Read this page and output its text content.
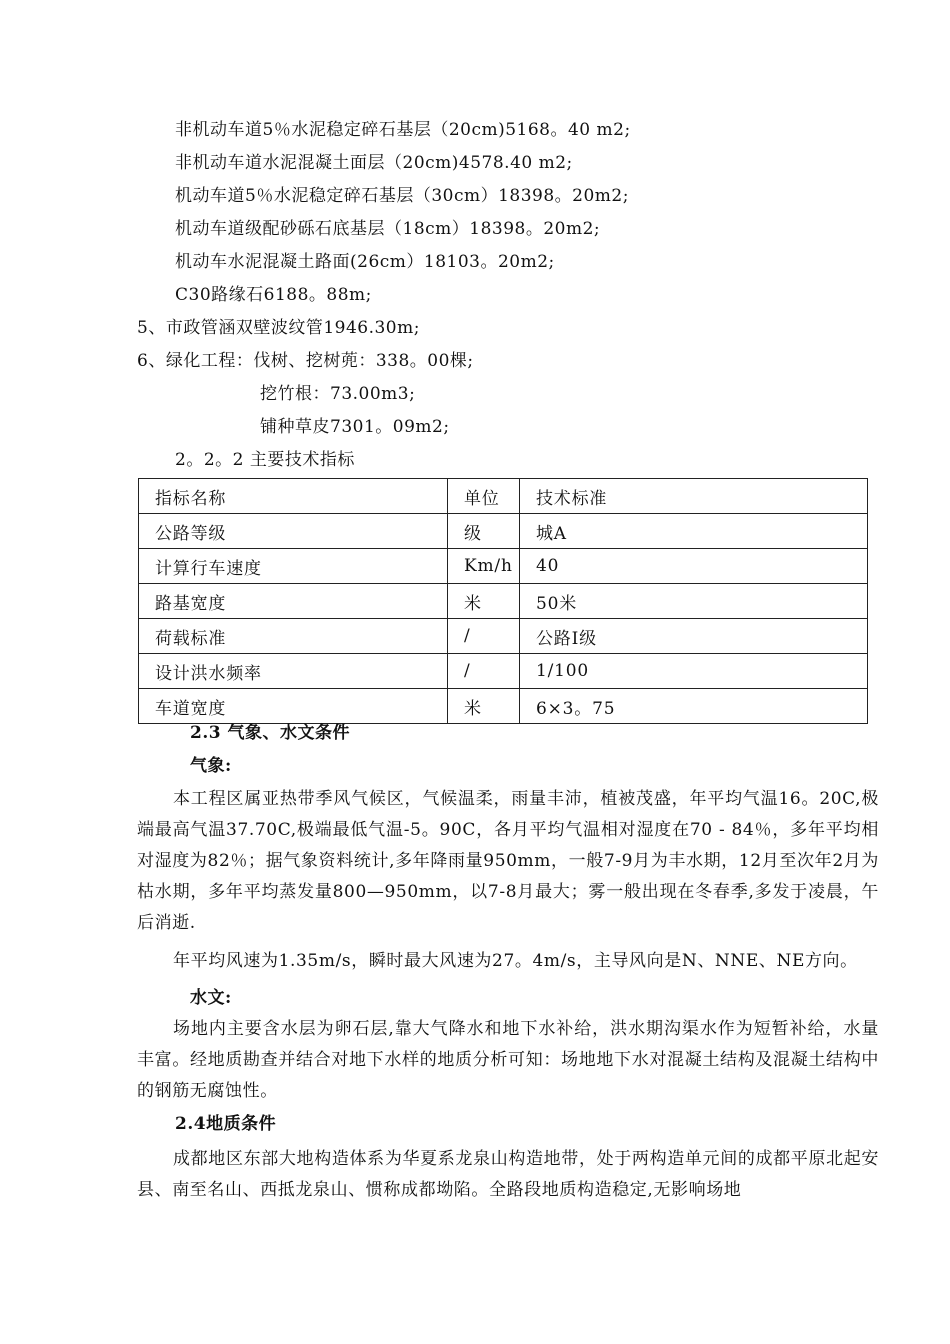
非机动车道5％水泥稳定碎石基层（20cm)5168。40 m2;
非机动车道水泥混凝土面层（20cm)4578.40 m2;
机动车道5％水泥稳定碎石基层（30cm）18398。20m2;
机动车道级配砂砾石底基层（18cm）18398。20m2;
机动车水泥混凝土路面(26cm）18103。20m2;
C30路缘石6188。88m;
5、市政管涵双壁波纹管1946.30m;
6、绿化工程：伐树、挖树蔸：338。00棵;
挖竹根：73.00m3;
铺种草皮7301。09m2;
2。2。2 主要技术指标
指标名称	单位	技术标准
公路等级	级	城A
计算行车速度	Km/h	40
路基宽度	米	50米
荷载标准	/	公路Ⅰ级
设计洪水频率	/	1/100
车道宽度	米	6×3。75
2.3 气象、水文条件
气象:
本工程区属亚热带季风气候区，气候温柔，雨量丰沛，植被茂盛，年平均气温16。20C,极端最高气温37.70C,极端最低气温-5。90C，各月平均气温相对湿度在70 - 84％，多年平均相对湿度为82％；据气象资料统计,多年降雨量950mm，一般7-9月为丰水期，12月至次年2月为枯水期，多年平均蒸发量800—950mm，以7-8月最大；雾一般出现在冬春季,多发于凌晨，午后消逝.
年平均风速为1.35m/s，瞬时最大风速为27。4m/s，主导风向是N、NNE、NE方向。
水文:
场地内主要含水层为卵石层,靠大气降水和地下水补给，洪水期沟渠水作为短暂补给，水量丰富。经地质勘查并结合对地下水样的地质分析可知：场地地下水对混凝土结构及混凝土结构中的钢筋无腐蚀性。
2.4地质条件
成都地区东部大地构造体系为华夏系龙泉山构造地带，处于两构造单元间的成都平原北起安县、南至名山、西抵龙泉山、惯称成都坳陷。全路段地质构造稳定,无影响场地
